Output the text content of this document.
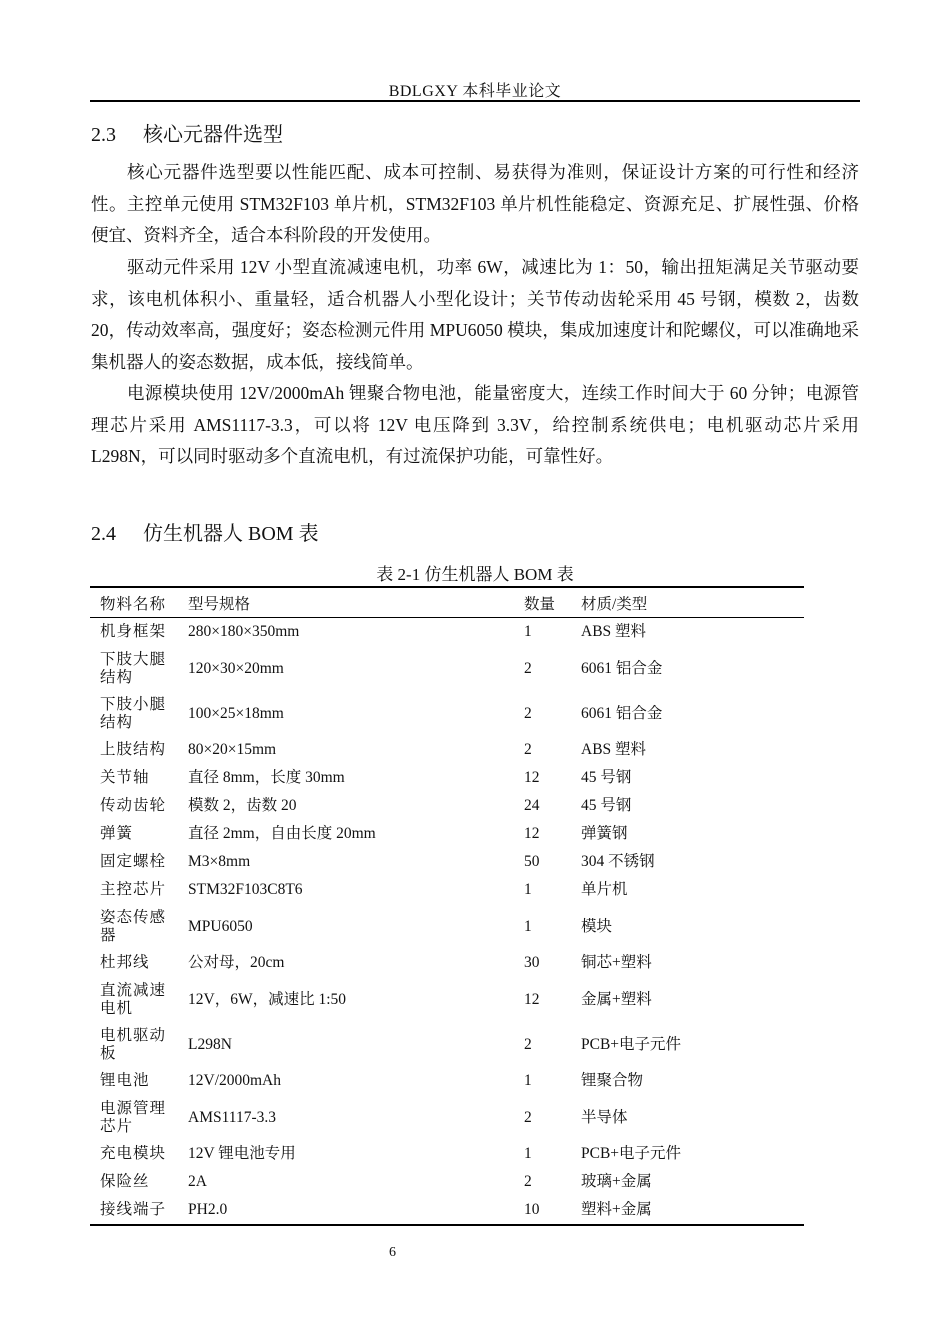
BDLGXY 本科毕业论文
2.3 核心元器件选型

核心元器件选型要以性能匹配、成本可控制、易获得为准则，保证设计方案的可行性和经济性。主控单元使用 STM32F103 单片机，STM32F103 单片机性能稳定、资源充足、扩展性强、价格便宜、资料齐全，适合本科阶段的开发使用。

驱动元件采用 12V 小型直流减速电机，功率 6W，减速比为 1：50，输出扭矩满足关节驱动要求，该电机体积小、重量轻，适合机器人小型化设计；关节传动齿轮采用 45 号钢，模数 2，齿数 20，传动效率高，强度好；姿态检测元件用 MPU6050 模块，集成加速度计和陀螺仪，可以准确地采集机器人的姿态数据，成本低，接线简单。

电源模块使用 12V/2000mAh 锂聚合物电池，能量密度大，连续工作时间大于 60 分钟；电源管理芯片采用 AMS1117-3.3，可以将 12V 电压降到 3.3V，给控制系统供电；电机驱动芯片采用 L298N，可以同时驱动多个直流电机，有过流保护功能，可靠性好。

2.4 仿生机器人 BOM 表
表 2-1 仿生机器人 BOM 表
物料名称	型号规格	数量	材质/类型
机身框架	280×180×350mm	1	ABS 塑料
下肢大腿结构	120×30×20mm	2	6061 铝合金
下肢小腿结构	100×25×18mm	2	6061 铝合金
上肢结构	80×20×15mm	2	ABS 塑料
关节轴	直径 8mm，长度 30mm	12	45 号钢
传动齿轮	模数 2，齿数 20	24	45 号钢
弹簧	直径 2mm，自由长度 20mm	12	弹簧钢
固定螺栓	M3×8mm	50	304 不锈钢
主控芯片	STM32F103C8T6	1	单片机
姿态传感器	MPU6050	1	模块
杜邦线	公对母，20cm	30	铜芯+塑料
直流减速电机	12V，6W，减速比 1:50	12	金属+塑料
电机驱动板	L298N	2	PCB+电子元件
锂电池	12V/2000mAh	1	锂聚合物
电源管理芯片	AMS1117-3.3	2	半导体
充电模块	12V 锂电池专用	1	PCB+电子元件
保险丝	2A	2	玻璃+金属
接线端子	PH2.0	10	塑料+金属
6
